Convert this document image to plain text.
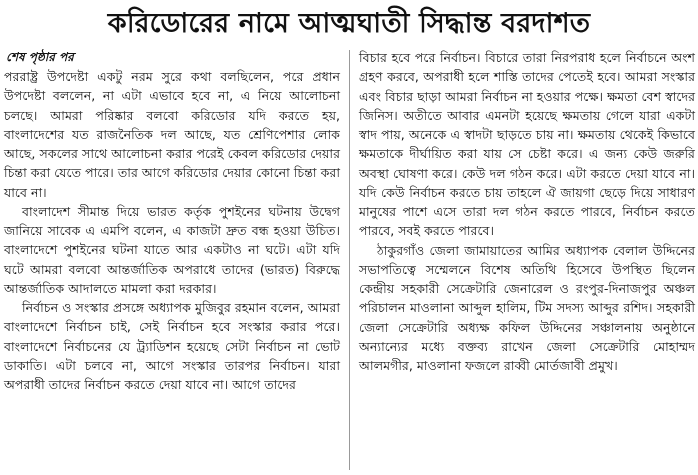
করিডোরের নামে আত্মঘাতী সিদ্ধান্ত বরদাশত

শেষ পৃষ্ঠার পর

পররাষ্ট্র উপদেষ্টা একটু নরম সুরে কথা বলছিলেন, পরে প্রধান উপদেষ্টা বললেন, না এটা এভাবে হবে না, এ নিয়ে আলোচনা চলছে। আমরা পরিষ্কার বলবো করিডোর যদি করতে হয়, বাংলাদেশের যত রাজনৈতিক দল আছে, যত শ্রেণিপেশার লোক আছে, সকলের সাথে আলোচনা করার পরেই কেবল করিডোর দেয়ার চিন্তা করা যেতে পারে। তার আগে করিডোর দেয়ার কোনো চিন্তা করা যাবে না।

বাংলাদেশ সীমান্ত দিয়ে ভারত কর্তৃক পুশইনের ঘটনায় উদ্বেগ জানিয়ে সাবেক এ এমপি বলেন, এ কাজটা দ্রুত বন্ধ হওয়া উচিত। বাংলাদেশে পুশইনের ঘটনা যাতে আর একটাও না ঘটে। এটা যদি ঘটে আমরা বলবো আন্তর্জাতিক অপরাধে তাদের (ভারত) বিরুদ্ধে আন্তর্জাতিক আদালতে মামলা করা দরকার।

নির্বাচন ও সংস্কার প্রসঙ্গে অধ্যাপক মুজিবুর রহমান বলেন, আমরা বাংলাদেশে নির্বাচন চাই, সেই নির্বাচন হবে সংস্কার করার পরে। বাংলাদেশে নির্বাচনের যে ট্র্যাডিশন হয়েছে সেটা নির্বাচন না ভোট ডাকাতি। এটা চলবে না, আগে সংস্কার তারপর নির্বাচন। যারা অপরাধী তাদের নির্বাচন করতে দেয়া যাবে না। আগে তাদের

বিচার হবে পরে নির্বাচন। বিচারে তারা নিরপরাধ হলে নির্বাচনে অংশ গ্রহণ করবে, অপরাধী হলে শাস্তি তাদের পেতেই হবে। আমরা সংস্কার এবং বিচার ছাড়া আমরা নির্বাচন না হওয়ার পক্ষে। ক্ষমতা বেশ স্বাদের জিনিস। অতীতে আবার এমনটা হয়েছে ক্ষমতায় গেলে যারা একটা স্বাদ পায়, অনেকে এ স্বাদটা ছাড়তে চায় না। ক্ষমতায় থেকেই কিভাবে ক্ষমতাকে দীর্ঘায়িত করা যায় সে চেষ্টা করে। এ জন্য কেউ জরুরি অবস্থা ঘোষণা করে। কেউ দল গঠন করে। এটা করতে দেয়া যাবে না। যদি কেউ নির্বাচন করতে চায় তাহলে ঐ জায়গা ছেড়ে দিয়ে সাধারণ মানুষের পাশে এসে তারা দল গঠন করতে পারবে, নির্বাচন করতে পারবে, সবই করতে পারবে।

ঠাকুরগাঁও জেলা জামায়াতের আমির অধ্যাপক বেলাল উদ্দিনের সভাপতিত্বে সম্মেলনে বিশেষ অতিথি হিসেবে উপস্থিত ছিলেন কেন্দ্রীয় সহকারী সেক্রেটারি জেনারেল ও রংপুর-দিনাজপুর অঞ্চল পরিচালন মাওলানা আব্দুল হালিম, টিম সদস্য আব্দুর রশিদ। সহকারী জেলা সেক্রেটারি অধ্যক্ষ কফিল উদ্দিনের সঞ্চালনায় অনুষ্ঠানে অন্যান্যের মধ্যে বক্তব্য রাখেন জেলা সেক্রেটারি মোহাম্মদ আলমগীর, মাওলানা ফজলে রাব্বী মোর্তজাবী প্রমুখ।
